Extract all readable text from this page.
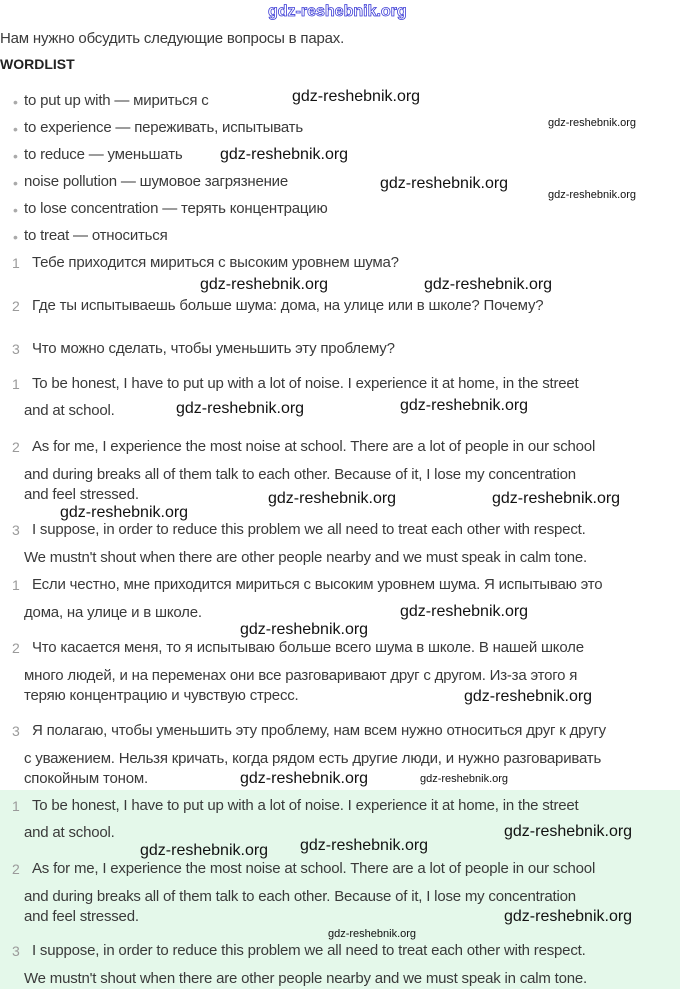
gdz-reshebnik.org
Нам нужно обсудить следующие вопросы в парах.
WORDLIST
• to put up with — мириться с
• to experience — переживать, испытывать
• to reduce — уменьшать
• noise pollution — шумовое загрязнение
• to lose concentration — терять концентрацию
• to treat — относиться
1 Тебе приходится мириться с высоким уровнем шума?
2 Где ты испытываешь больше шума: дома, на улице или в школе? Почему?
3 Что можно сделать, чтобы уменьшить эту проблему?
1 To be honest, I have to put up with a lot of noise. I experience it at home, in the street
and at school.
2 As for me, I experience the most noise at school. There are a lot of people in our school
and during breaks all of them talk to each other. Because of it, I lose my concentration
and feel stressed.
3 I suppose, in order to reduce this problem we all need to treat each other with respect.
We mustn't shout when there are other people nearby and we must speak in calm tone.
1 Если честно, мне приходится мириться с высоким уровнем шума. Я испытываю это
дома, на улице и в школе.
2 Что касается меня, то я испытываю больше всего шума в школе. В нашей школе
много людей, и на переменах они все разговаривают друг с другом. Из-за этого я
теряю концентрацию и чувствую стресс.
3 Я полагаю, чтобы уменьшить эту проблему, нам всем нужно относиться друг к другу
с уважением. Нельзя кричать, когда рядом есть другие люди, и нужно разговаривать
спокойным тоном.
1 To be honest, I have to put up with a lot of noise. I experience it at home, in the street
and at school.
2 As for me, I experience the most noise at school. There are a lot of people in our school
and during breaks all of them talk to each other. Because of it, I lose my concentration
and feel stressed.
3 I suppose, in order to reduce this problem we all need to treat each other with respect.
We mustn't shout when there are other people nearby and we must speak in calm tone.
gdz-reshebnik.org
gdz-reshebnik.org
gdz-reshebnik.org
gdz-reshebnik.org
gdz-reshebnik.org
gdz-reshebnik.org
gdz-reshebnik.org
gdz-reshebnik.org
gdz-reshebnik.org
gdz-reshebnik.org
gdz-reshebnik.org
gdz-reshebnik.org
gdz-reshebnik.org
gdz-reshebnik.org
gdz-reshebnik.org
gdz-reshebnik.org
gdz-reshebnik.org
gdz-reshebnik.org
gdz-reshebnik.org
gdz-reshebnik.org
gdz-reshebnik.org
gdz-reshebnik.org
